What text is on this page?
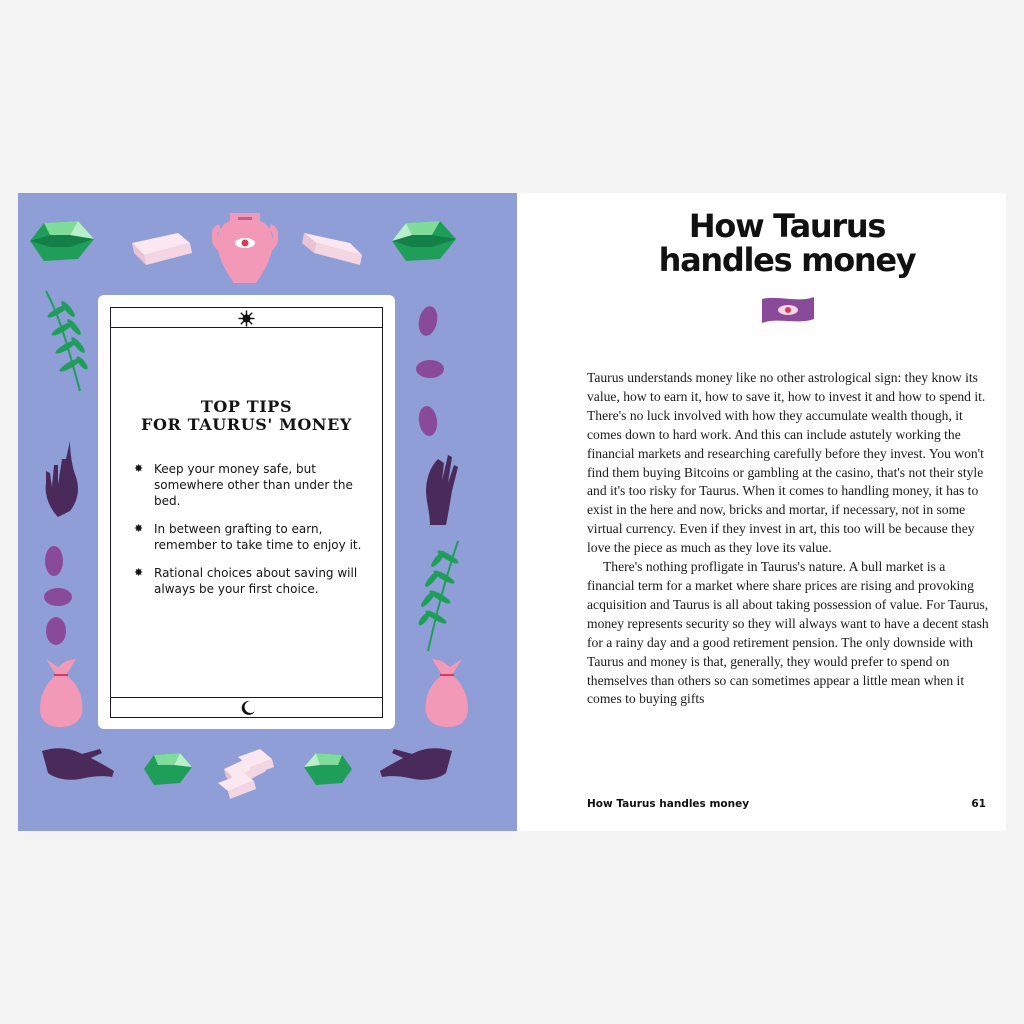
TOP TIPS
FOR TAURUS' MONEY
✸ Keep your money safe, but somewhere other than under the bed.
✸ In between grafting to earn, remember to take time to enjoy it.
✸ Rational choices about saving will always be your first choice.
How Taurus
handles money

Taurus understands money like no other astrological sign: they know its value, how to earn it, how to save it, how to invest it and how to spend it. There's no luck involved with how they accumulate wealth though, it comes down to hard work. And this can include astutely working the financial markets and researching carefully before they invest. You won't find them buying Bitcoins or gambling at the casino, that's not their style and it's too risky for Taurus. When it comes to handling money, it has to exist in the here and now, bricks and mortar, if necessary, not in some virtual currency. Even if they invest in art, this too will be because they love the piece as much as they love its value.

There's nothing profligate in Taurus's nature. A bull market is a financial term for a market where share prices are rising and provoking acquisition and Taurus is all about taking possession of value. For Taurus, money represents security so they will always want to have a decent stash for a rainy day and a good retirement pension. The only downside with Taurus and money is that, generally, they would prefer to spend on themselves than others so can sometimes appear a little mean when it comes to buying gifts

How Taurus handles money	61
